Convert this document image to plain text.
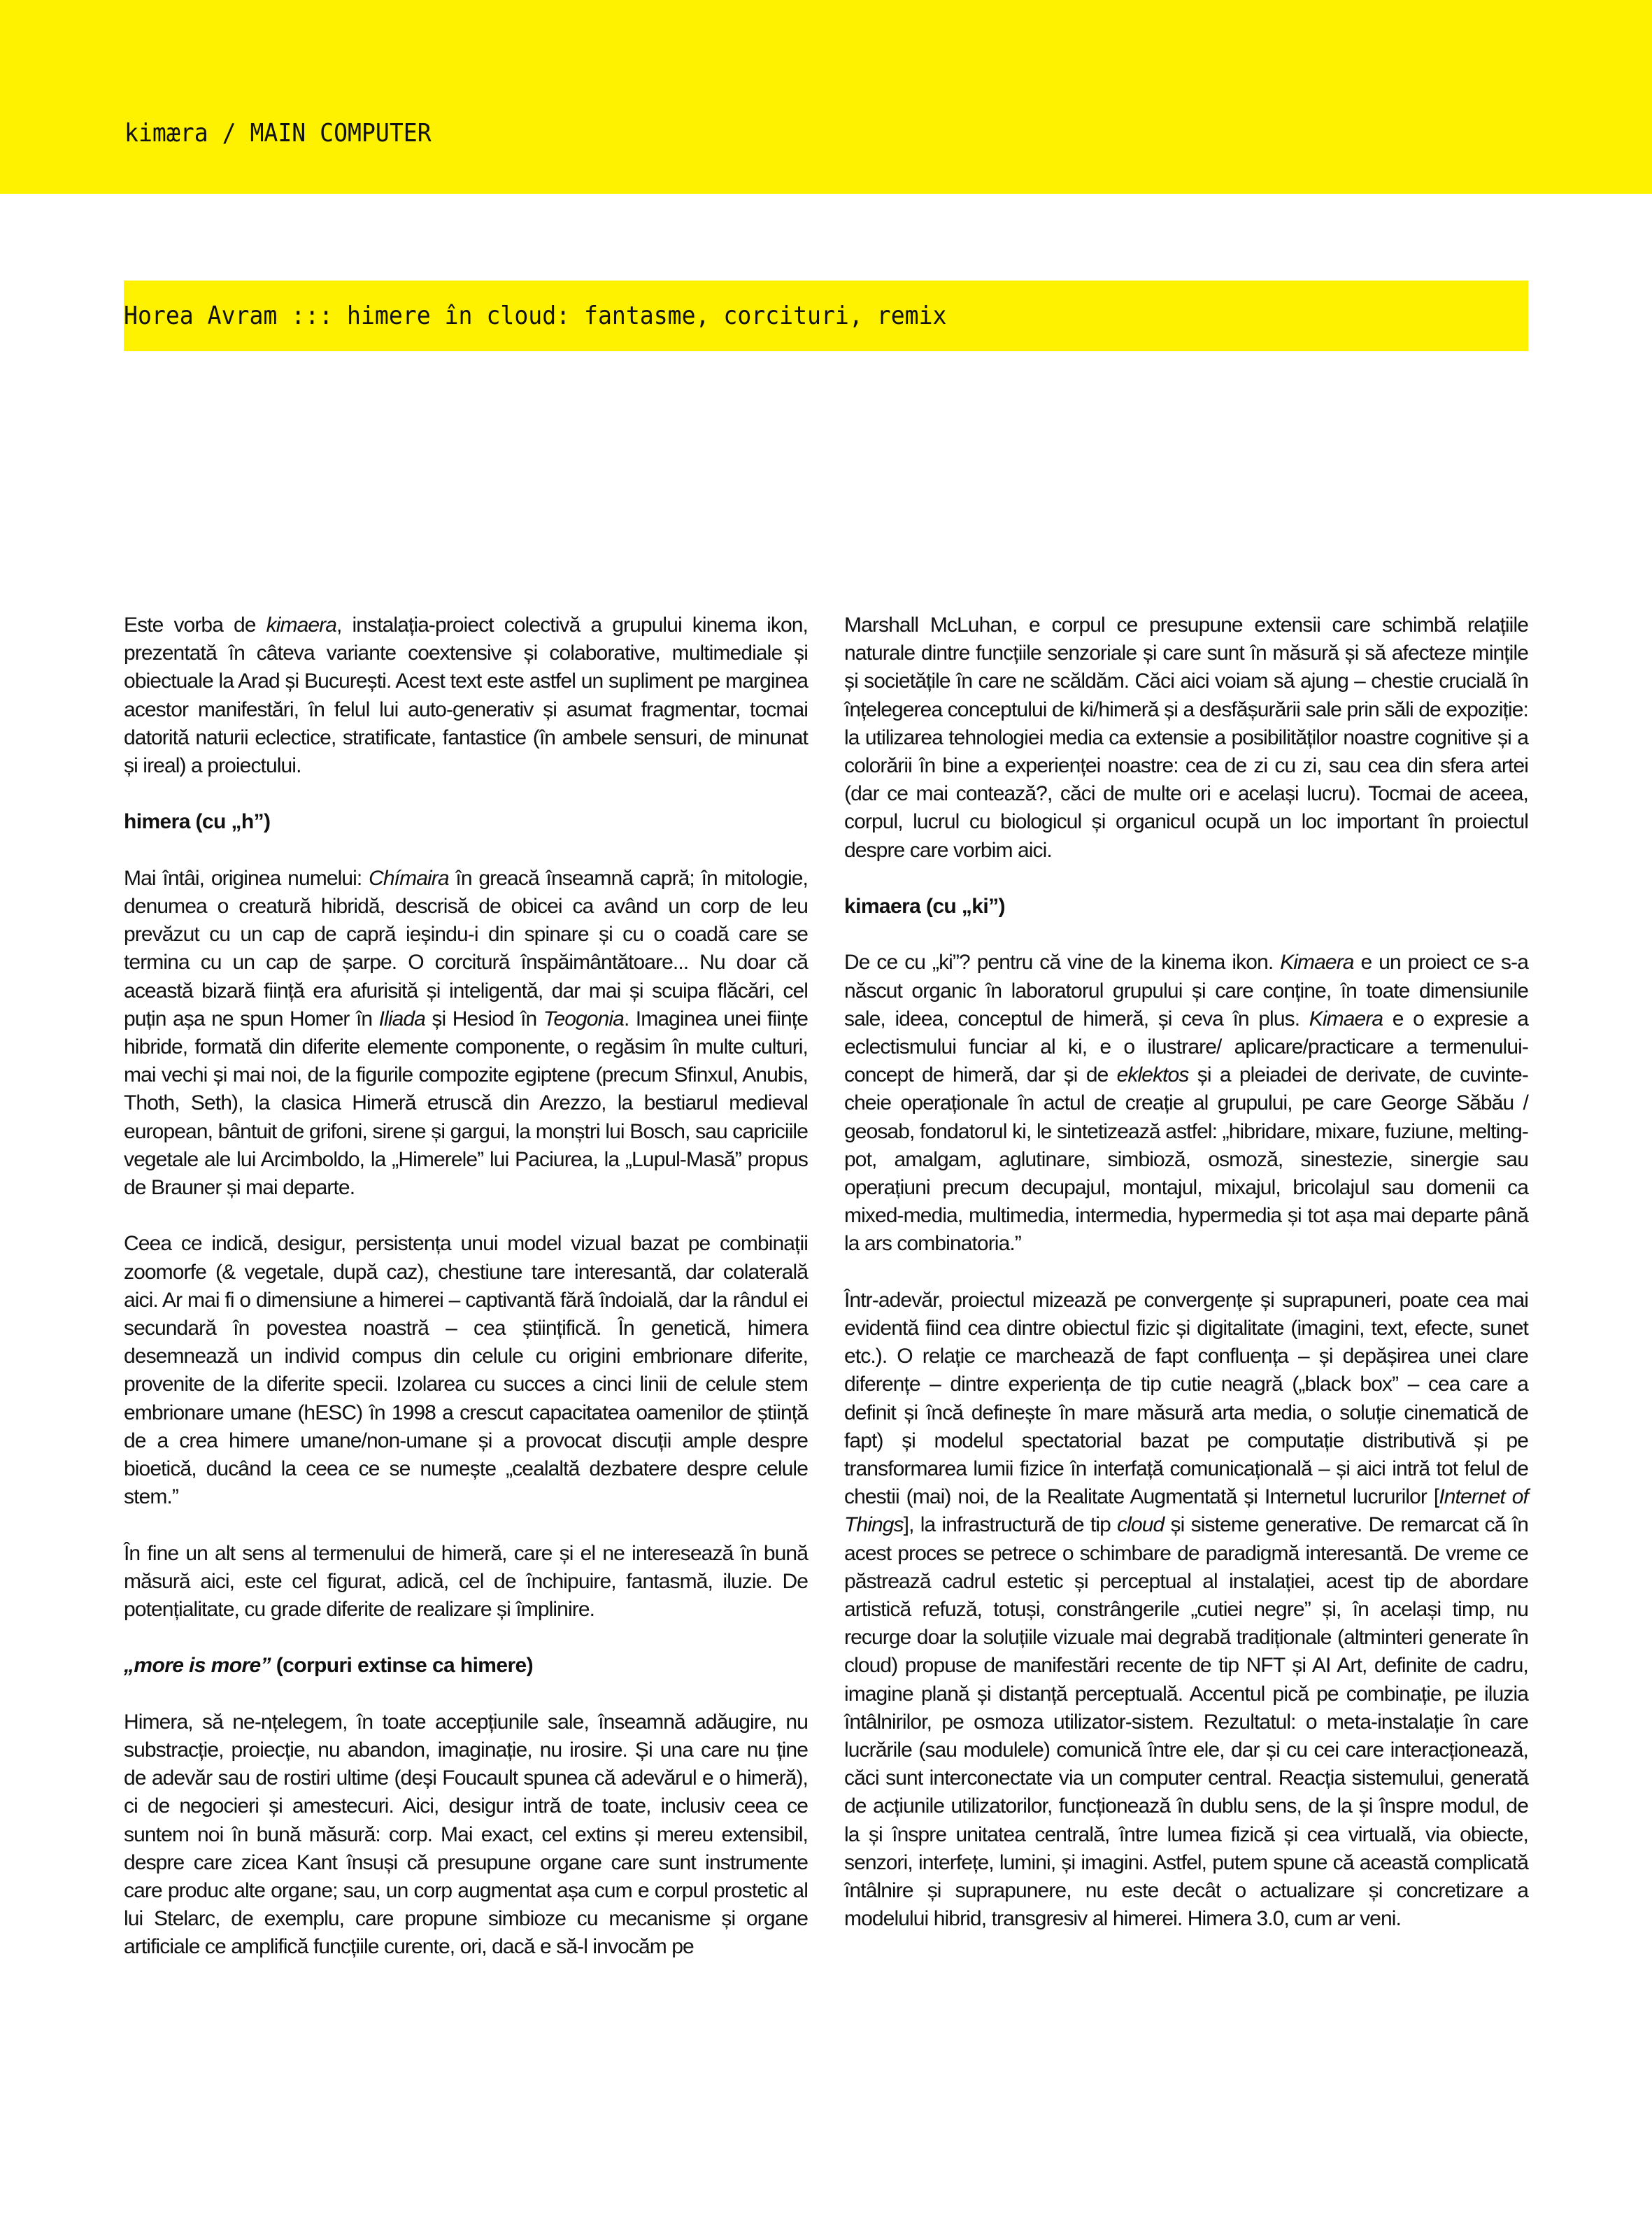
kimæra / MAIN COMPUTER
Horea Avram ::: himere în cloud: fantasme, corcituri, remix

Este vorba de kimaera, instalația-proiect colectivă a grupului kinema ikon, prezentată în câteva variante coextensive și colaborative, multimediale și obiectuale la Arad și București. Acest text este astfel un supliment pe marginea acestor manifestări, în felul lui auto-generativ și asumat fragmentar, tocmai datorită naturii eclectice, stratificate, fantastice (în ambele sensuri, de minunat și ireal) a proiectului.

himera (cu „h”)

Mai întâi, originea numelui: Chímaira în greacă înseamnă capră; în mitologie, denumea o creatură hibridă, descrisă de obicei ca având un corp de leu prevăzut cu un cap de capră ieșindu-i din spinare și cu o coadă care se termina cu un cap de șarpe. O corcitură înspăimântătoare... Nu doar că această bizară ființă era afurisită și inteligentă, dar mai și scuipa flăcări, cel puțin așa ne spun Homer în Iliada și Hesiod în Teogonia. Imaginea unei ființe hibride, formată din diferite elemente componente, o regăsim în multe culturi, mai vechi și mai noi, de la figurile compozite egiptene (precum Sfinxul, Anubis, Thoth, Seth), la clasica Himeră etruscă din Arezzo, la bestiarul medieval european, bântuit de grifoni, sirene și gargui, la monștri lui Bosch, sau capriciile vegetale ale lui Arcimboldo, la „Himerele” lui Paciurea, la „Lupul-Masă” propus de Brauner și mai departe.

Ceea ce indică, desigur, persistența unui model vizual bazat pe combinații zoomorfe (& vegetale, după caz), chestiune tare interesantă, dar colaterală aici. Ar mai fi o dimensiune a himerei – captivantă fără îndoială, dar la rândul ei secundară în povestea noastră – cea științifică. În genetică, himera desemnează un individ compus din celule cu origini embrionare diferite, provenite de la diferite specii. Izolarea cu succes a cinci linii de celule stem embrionare umane (hESC) în 1998 a crescut capacitatea oamenilor de știință de a crea himere umane/non-umane și a provocat discuții ample despre bioetică, ducând la ceea ce se numește „cealaltă dezbatere despre celule stem.”

În fine un alt sens al termenului de himeră, care și el ne interesează în bună măsură aici, este cel figurat, adică, cel de închipuire, fantasmă, iluzie. De potențialitate, cu grade diferite de realizare și împlinire.

„more is more” (corpuri extinse ca himere)

Himera, să ne-nțelegem, în toate accepțiunile sale, înseamnă adăugire, nu substracție, proiecție, nu abandon, imaginație, nu irosire. Și una care nu ține de adevăr sau de rostiri ultime (deși Foucault spunea că adevărul e o himeră), ci de negocieri și amestecuri. Aici, desigur intră de toate, inclusiv ceea ce suntem noi în bună măsură: corp. Mai exact, cel extins și mereu extensibil, despre care zicea Kant însuși că presupune organe care sunt instrumente care produc alte organe; sau, un corp augmentat așa cum e corpul prostetic al lui Stelarc, de exemplu, care propune simbioze cu mecanisme și organe artificiale ce amplifică funcțiile curente, ori, dacă e să-l invocăm pe

Marshall McLuhan, e corpul ce presupune extensii care schimbă relațiile naturale dintre funcțiile senzoriale și care sunt în măsură și să afecteze mințile și societățile în care ne scăldăm. Căci aici voiam să ajung – chestie crucială în înțelegerea conceptului de ki/himeră și a desfășurării sale prin săli de expoziție: la utilizarea tehnologiei media ca extensie a posibilităților noastre cognitive și a colorării în bine a experienței noastre: cea de zi cu zi, sau cea din sfera artei (dar ce mai contează?, căci de multe ori e același lucru). Tocmai de aceea, corpul, lucrul cu biologicul și organicul ocupă un loc important în proiectul despre care vorbim aici.

kimaera (cu „ki”)

De ce cu „ki”? pentru că vine de la kinema ikon. Kimaera e un proiect ce s-a născut organic în laboratorul grupului și care conține, în toate dimensiunile sale, ideea, conceptul de himeră, și ceva în plus. Kimaera e o expresie a eclectismului funciar al ki, e o ilustrare/ aplicare/practicare a termenului-concept de himeră, dar și de eklektos și a pleiadei de derivate, de cuvinte-cheie operaționale în actul de creație al grupului, pe care George Săbău / geosab, fondatorul ki, le sintetizează astfel: „hibridare, mixare, fuziune, melting-pot, amalgam, aglutinare, simbioză, osmoză, sinestezie, sinergie sau operațiuni precum decupajul, montajul, mixajul, bricolajul sau domenii ca mixed-media, multimedia, intermedia, hypermedia și tot așa mai departe până la ars combinatoria.”

Într-adevăr, proiectul mizează pe convergențe și suprapuneri, poate cea mai evidentă fiind cea dintre obiectul fizic și digitalitate (imagini, text, efecte, sunet etc.). O relație ce marchează de fapt confluența – și depășirea unei clare diferențe – dintre experiența de tip cutie neagră („black box” – cea care a definit și încă definește în mare măsură arta media, o soluție cinematică de fapt) și modelul spectatorial bazat pe computație distributivă și pe transformarea lumii fizice în interfață comunicațională – și aici intră tot felul de chestii (mai) noi, de la Realitate Augmentată și Internetul lucrurilor [Internet of Things], la infrastructură de tip cloud și sisteme generative. De remarcat că în acest proces se petrece o schimbare de paradigmă interesantă. De vreme ce păstrează cadrul estetic și perceptual al instalației, acest tip de abordare artistică refuză, totuși, constrângerile „cutiei negre” și, în același timp, nu recurge doar la soluțiile vizuale mai degrabă tradiționale (altminteri generate în cloud) propuse de manifestări recente de tip NFT și AI Art, definite de cadru, imagine plană și distanță perceptuală. Accentul pică pe combinație, pe iluzia întâlnirilor, pe osmoza utilizator-sistem. Rezultatul: o meta-instalație în care lucrările (sau modulele) comunică între ele, dar și cu cei care interacționează, căci sunt interconectate via un computer central. Reacția sistemului, generată de acțiunile utilizatorilor, funcționează în dublu sens, de la și înspre modul, de la și înspre unitatea centrală, între lumea fizică și cea virtuală, via obiecte, senzori, interfețe, lumini, și imagini. Astfel, putem spune că această complicată întâlnire și suprapunere, nu este decât o actualizare și concretizare a modelului hibrid, transgresiv al himerei. Himera 3.0, cum ar veni.
